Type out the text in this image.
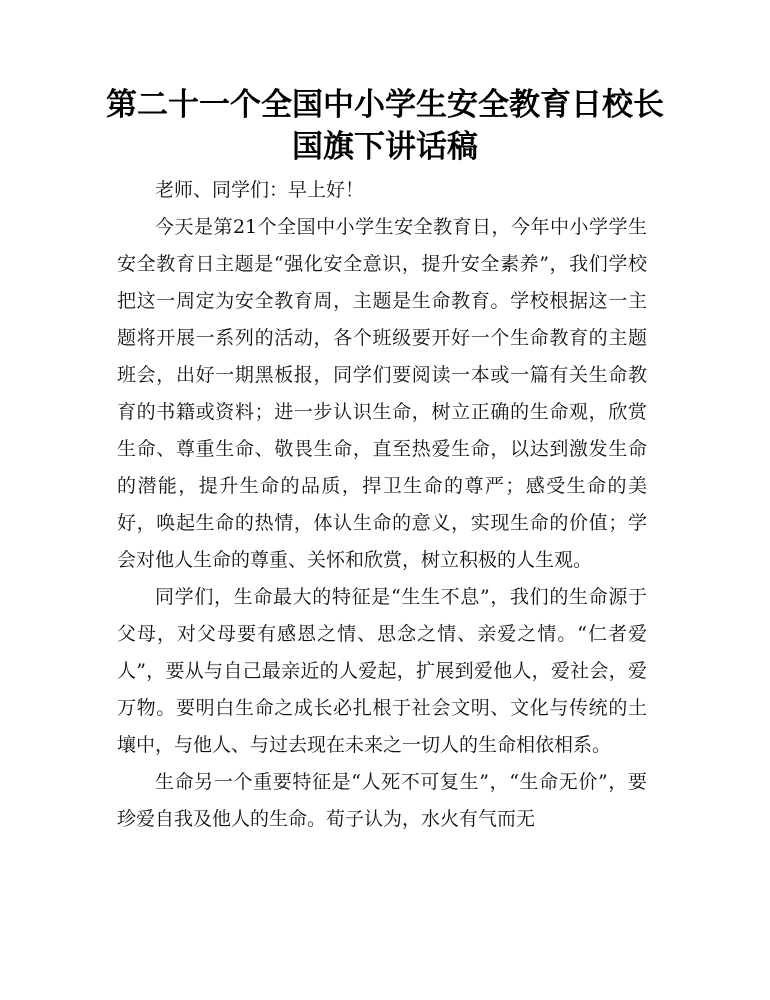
第二十一个全国中小学生安全教育日校长国旗下讲话稿

老师、同学们：早上好！

今天是第21个全国中小学生安全教育日，今年中小学学生安全教育日主题是“强化安全意识，提升安全素养”，我们学校把这一周定为安全教育周，主题是生命教育。学校根据这一主题将开展一系列的活动，各个班级要开好一个生命教育的主题班会，出好一期黑板报，同学们要阅读一本或一篇有关生命教育的书籍或资料；进一步认识生命，树立正确的生命观，欣赏生命、尊重生命、敬畏生命，直至热爱生命，以达到激发生命的潜能，提升生命的品质，捍卫生命的尊严；感受生命的美好，唤起生命的热情，体认生命的意义，实现生命的价值；学会对他人生命的尊重、关怀和欣赏，树立积极的人生观。

同学们，生命最大的特征是“生生不息”，我们的生命源于父母，对父母要有感恩之情、思念之情、亲爱之情。“仁者爱人”，要从与自己最亲近的人爱起，扩展到爱他人，爱社会，爱万物。要明白生命之成长必扎根于社会文明、文化与传统的土壤中，与他人、与过去现在未来之一切人的生命相依相系。

生命另一个重要特征是“人死不可复生”，“生命无价”，要珍爱自我及他人的生命。荀子认为，水火有气而无
